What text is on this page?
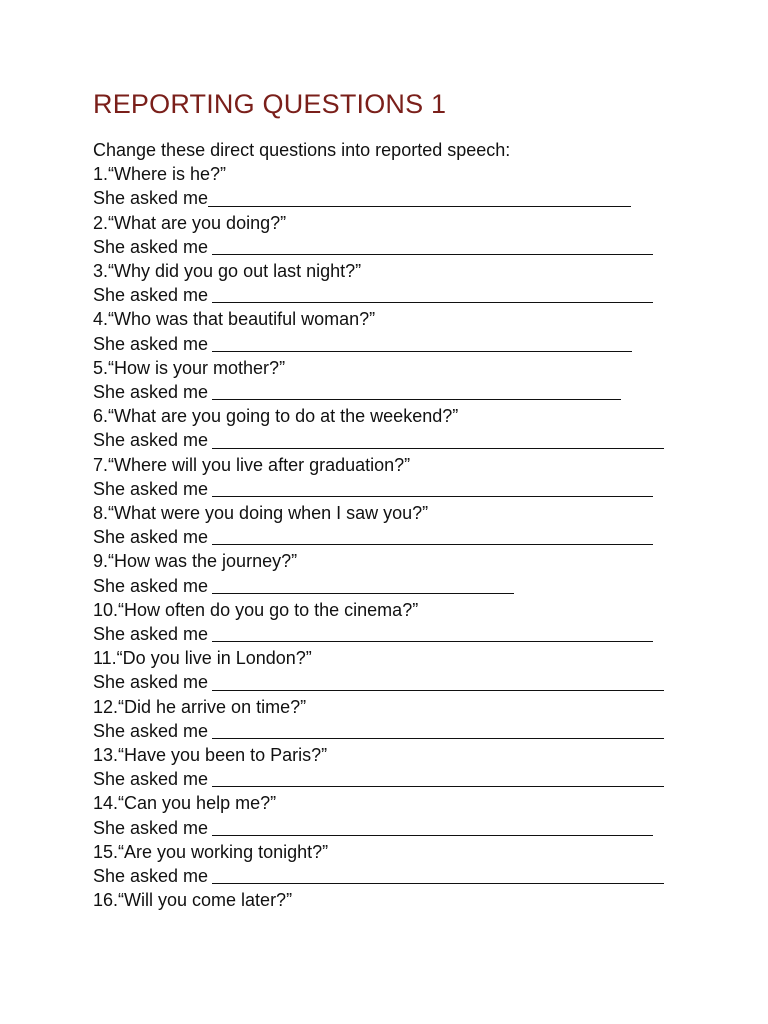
REPORTING QUESTIONS 1

Change these direct questions into reported speech:

1.“Where is he?”
She asked me
2.“What are you doing?”
She asked me
3.“Why did you go out last night?”
She asked me
4.“Who was that beautiful woman?”
She asked me
5.“How is your mother?”
She asked me
6.“What are you going to do at the weekend?”
She asked me
7.“Where will you live after graduation?”
She asked me
8.“What were you doing when I saw you?”
She asked me
9.“How was the journey?”
She asked me
10.“How often do you go to the cinema?”
She asked me
11.“Do you live in London?”
She asked me
12.“Did he arrive on time?”
She asked me
13.“Have you been to Paris?”
She asked me
14.“Can you help me?”
She asked me
15.“Are you working tonight?”
She asked me
16.“Will you come later?”
